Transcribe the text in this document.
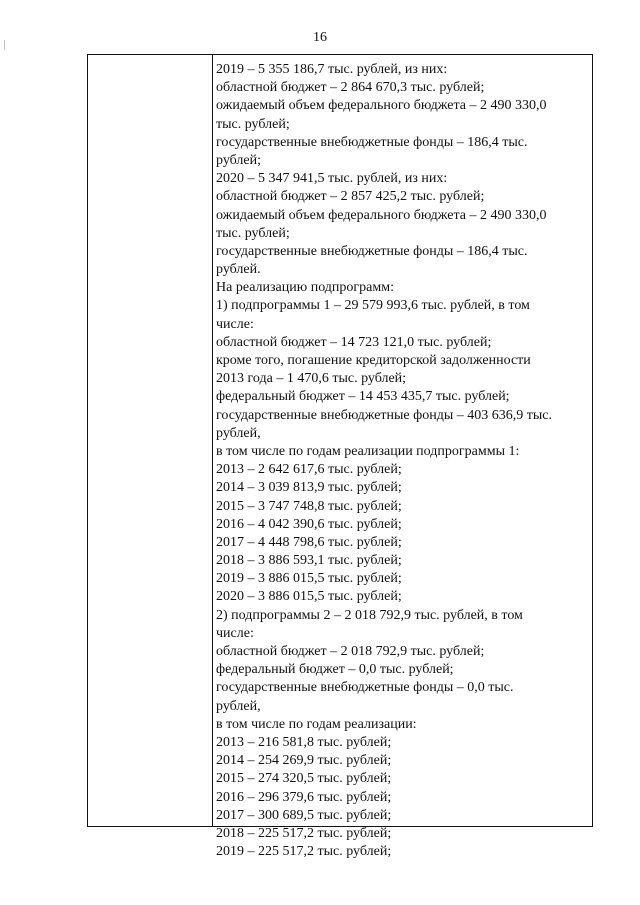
16
2019 – 5 355 186,7 тыс. рублей, из них:
областной бюджет – 2 864 670,3 тыс. рублей;
ожидаемый объем федерального бюджета – 2 490 330,0
тыс. рублей;
государственные внебюджетные фонды – 186,4 тыс.
рублей;
2020 – 5 347 941,5 тыс. рублей, из них:
областной бюджет – 2 857 425,2 тыс. рублей;
ожидаемый объем федерального бюджета – 2 490 330,0
тыс. рублей;
государственные внебюджетные фонды – 186,4 тыс.
рублей.
На реализацию подпрограмм:
1) подпрограммы 1 – 29 579 993,6 тыс. рублей, в том
числе:
областной бюджет – 14 723 121,0 тыс. рублей;
кроме того, погашение кредиторской задолженности
2013 года – 1 470,6 тыс. рублей;
федеральный бюджет – 14 453 435,7 тыс. рублей;
государственные внебюджетные фонды – 403 636,9 тыс.
рублей,
в том числе по годам реализации подпрограммы 1:
2013 – 2 642 617,6 тыс. рублей;
2014 – 3 039 813,9 тыс. рублей;
2015 – 3 747 748,8 тыс. рублей;
2016 – 4 042 390,6 тыс. рублей;
2017 – 4 448 798,6 тыс. рублей;
2018 – 3 886 593,1 тыс. рублей;
2019 – 3 886 015,5 тыс. рублей;
2020 – 3 886 015,5 тыс. рублей;
2) подпрограммы 2 – 2 018 792,9 тыс. рублей, в том
числе:
областной бюджет – 2 018 792,9 тыс. рублей;
федеральный бюджет – 0,0 тыс. рублей;
государственные внебюджетные фонды – 0,0 тыс.
рублей,
в том числе по годам реализации:
2013 – 216 581,8 тыс. рублей;
2014 – 254 269,9 тыс. рублей;
2015 – 274 320,5 тыс. рублей;
2016 – 296 379,6 тыс. рублей;
2017 – 300 689,5 тыс. рублей;
2018 – 225 517,2 тыс. рублей;
2019 – 225 517,2 тыс. рублей;
